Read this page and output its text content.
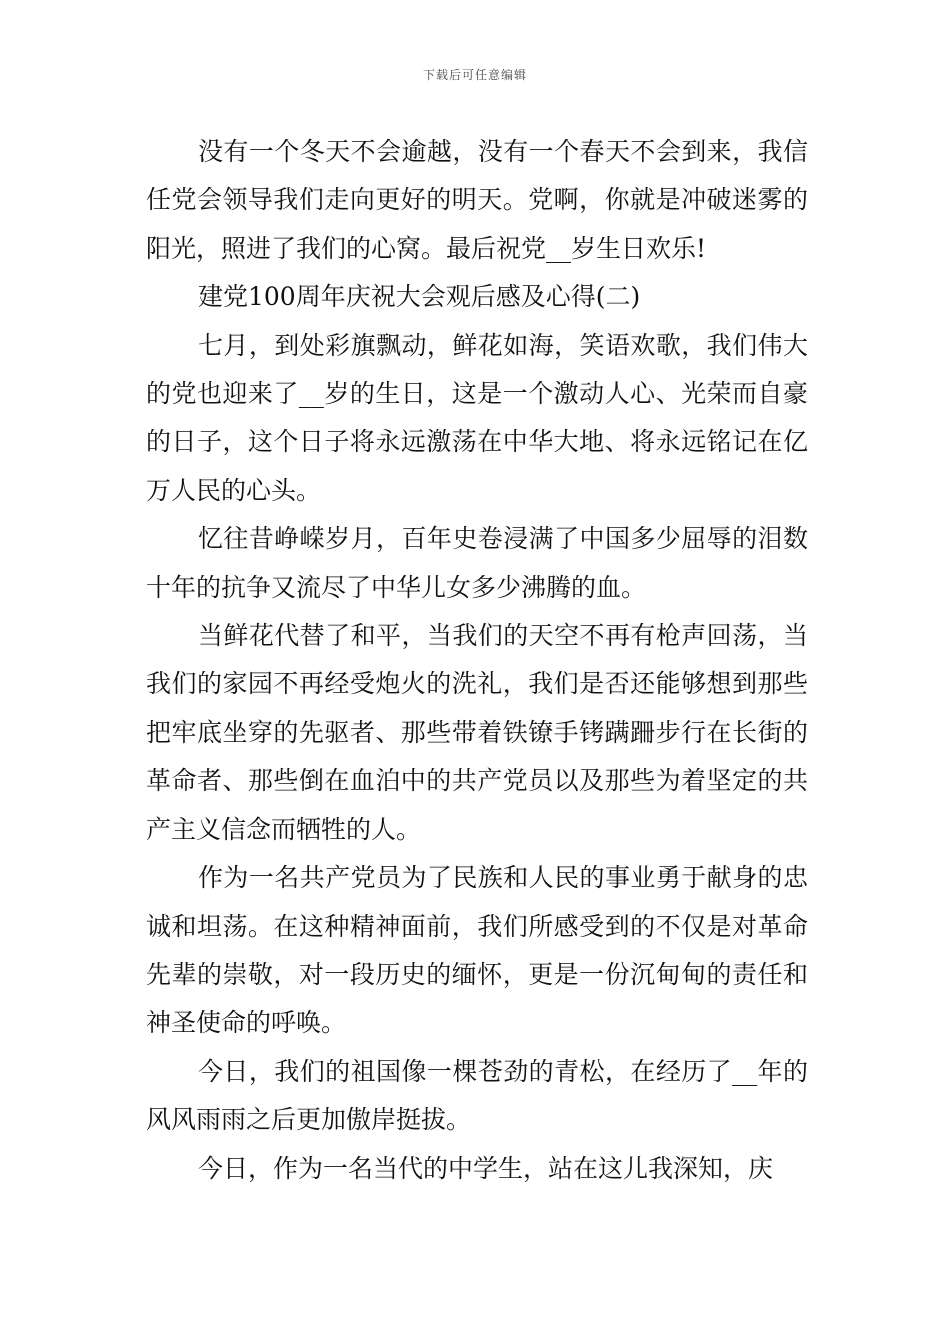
下载后可任意编辑

没有一个冬天不会逾越，没有一个春天不会到来，我信任党会领导我们走向更好的明天。党啊，你就是冲破迷雾的阳光，照进了我们的心窝。最后祝党__岁生日欢乐!

建党100周年庆祝大会观后感及心得(二)

七月，到处彩旗飘动，鲜花如海，笑语欢歌，我们伟大的党也迎来了__岁的生日，这是一个激动人心、光荣而自豪的日子，这个日子将永远激荡在中华大地、将永远铭记在亿万人民的心头。

忆往昔峥嵘岁月，百年史卷浸满了中国多少屈辱的泪数十年的抗争又流尽了中华儿女多少沸腾的血。

当鲜花代替了和平，当我们的天空不再有枪声回荡，当我们的家园不再经受炮火的洗礼，我们是否还能够想到那些把牢底坐穿的先驱者、那些带着铁镣手铐蹒跚步行在长街的革命者、那些倒在血泊中的共产党员以及那些为着坚定的共产主义信念而牺牲的人。

作为一名共产党员为了民族和人民的事业勇于献身的忠诚和坦荡。在这种精神面前，我们所感受到的不仅是对革命先辈的崇敬，对一段历史的缅怀，更是一份沉甸甸的责任和神圣使命的呼唤。

今日，我们的祖国像一棵苍劲的青松，在经历了__年的风风雨雨之后更加傲岸挺拔。

今日，作为一名当代的中学生，站在这儿我深知，庆
